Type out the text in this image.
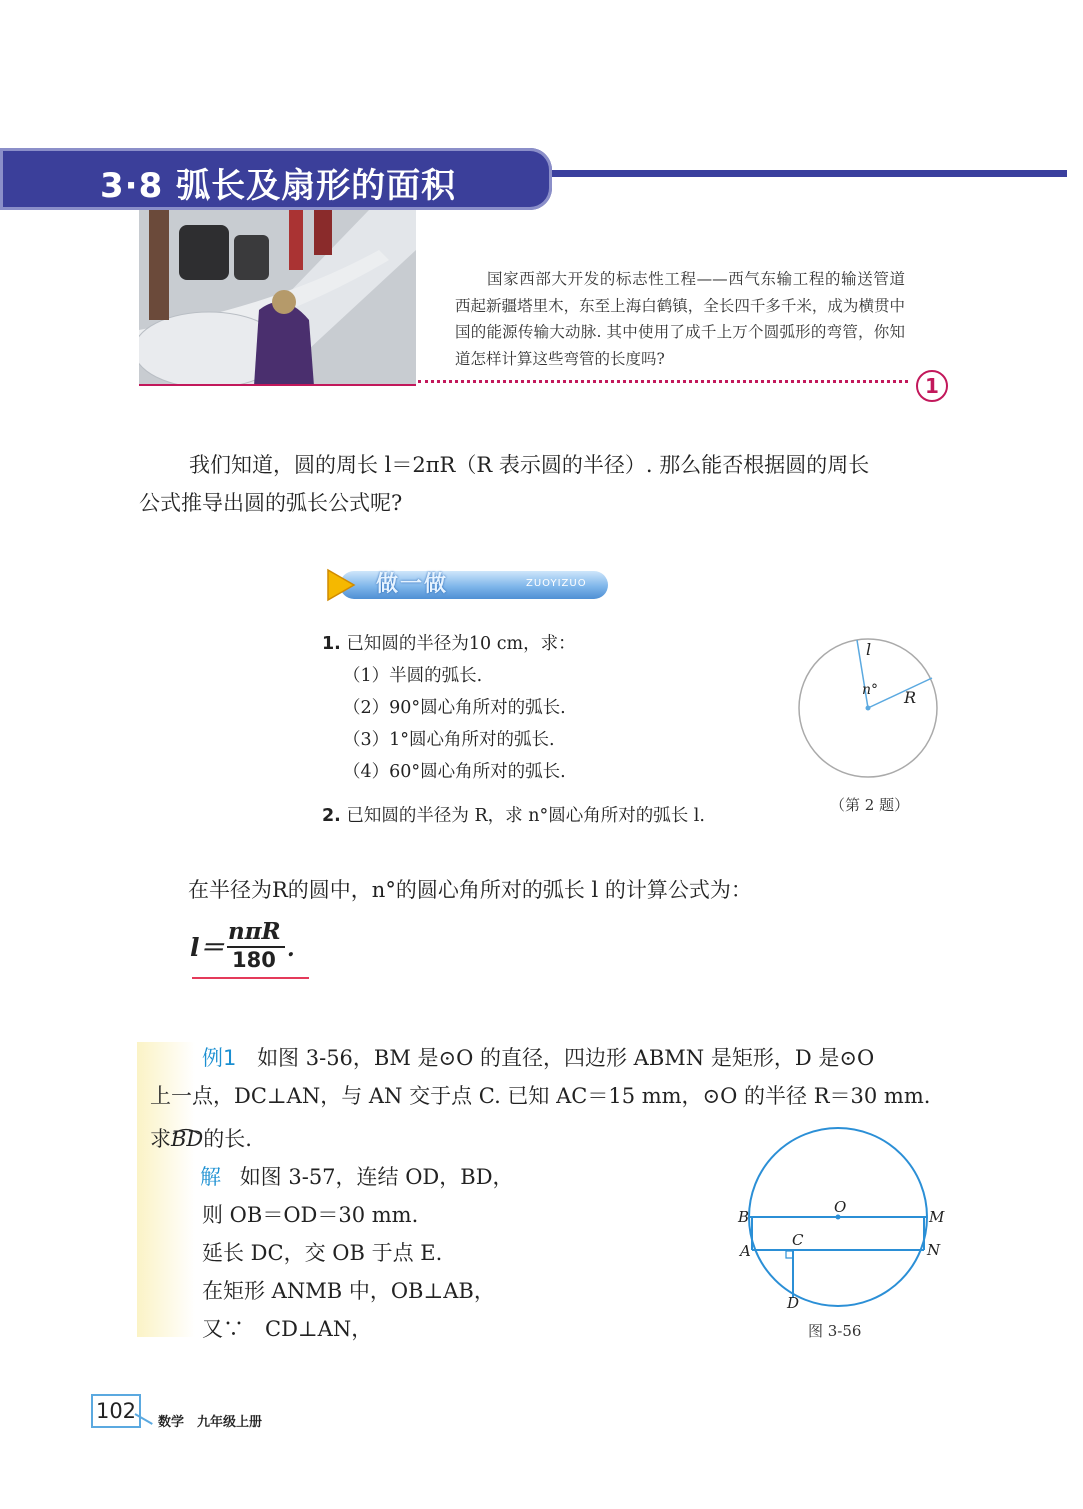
3·8 弧长及扇形的面积

国家西部大开发的标志性工程——西气东输工程的输送管道西起新疆塔里木，东至上海白鹤镇，全长四千多千米，成为横贯中国的能源传输大动脉. 其中使用了成千上万个圆弧形的弯管，你知道怎样计算这些弯管的长度吗?

1

我们知道，圆的周长 l＝2πR（R 表示圆的半径）. 那么能否根据圆的周长

公式推导出圆的弧长公式呢?
做一做	ZUOYIZUO
1. 已知圆的半径为10 cm，求：
（1）半圆的弧长.
（2）90°圆心角所对的弧长.
（3）1°圆心角所对的弧长.
（4）60°圆心角所对的弧长.
2. 已知圆的半径为 R，求 n°圆心角所对的弧长 l.
l
n° R
（第 2 题）
在半径为R的圆中，n°的圆心角所对的弧长 l 的计算公式为：
l＝
nπR
180 .
例1 如图 3-56，BM 是⊙O 的直径，四边形 ABMN 是矩形，D 是⊙O
上一点，DC⊥AN，与 AN 交于点 C. 已知 AC＝15 mm，⊙O 的半径 R＝30 mm.
求BD
的长.
解 如图 3-57，连结 OD，BD，
则 OB＝OD＝30 mm.
延长 DC，交 OB 于点 E.
在矩形 ANMB 中，OB⊥AB，
又∵　CD⊥AN，
O
B	M
A	N
C
D
图 3-56
102	数学　九年级上册
